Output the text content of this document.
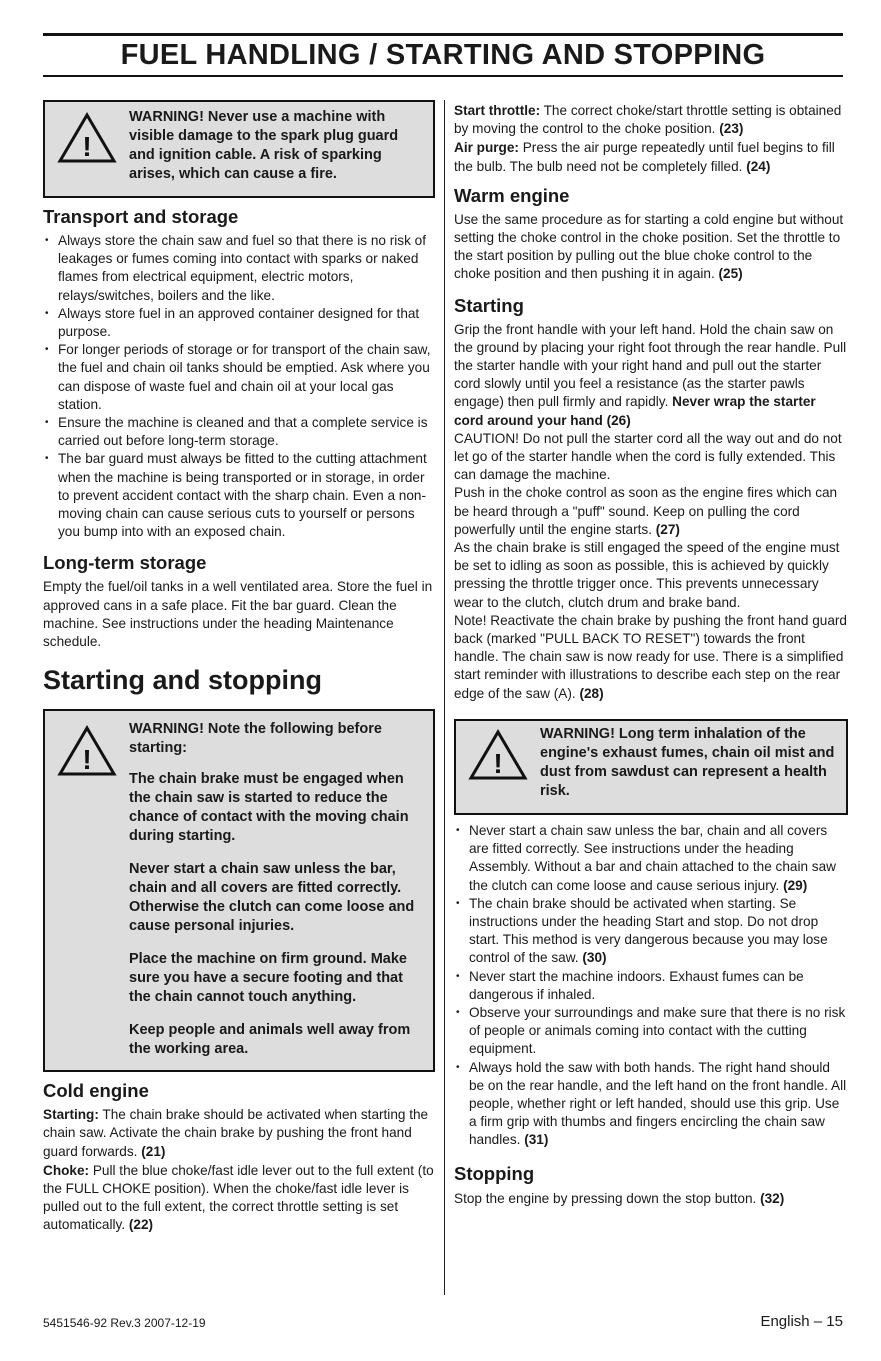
FUEL HANDLING / STARTING AND STOPPING
!
WARNING! Never use a machine with visible damage to the spark plug guard and ignition cable. A risk of sparking arises, which can cause a fire.
Transport and storage
• Always store the chain saw and fuel so that there is no risk of leakages or fumes coming into contact with sparks or naked flames from electrical equipment, electric motors, relays/switches, boilers and the like.
• Always store fuel in an approved container designed for that purpose.
• For longer periods of storage or for transport of the chain saw, the fuel and chain oil tanks should be emptied. Ask where you can dispose of waste fuel and chain oil at your local gas station.
• Ensure the machine is cleaned and that a complete service is carried out before long-term storage.
• The bar guard must always be fitted to the cutting attachment when the machine is being transported or in storage, in order to prevent accident contact with the sharp chain. Even a non-moving chain can cause serious cuts to yourself or persons you bump into with an exposed chain.
Long-term storage

Empty the fuel/oil tanks in a well ventilated area. Store the fuel in approved cans in a safe place. Fit the bar guard. Clean the machine. See instructions under the heading Maintenance schedule.

Starting and stopping
!

WARNING! Note the following before starting:

The chain brake must be engaged when the chain saw is started to reduce the chance of contact with the moving chain during starting.

Never start a chain saw unless the bar, chain and all covers are fitted correctly. Otherwise the clutch can come loose and cause personal injuries.

Place the machine on firm ground. Make sure you have a secure footing and that the chain cannot touch anything.

Keep people and animals well away from the working area.

Cold engine

Starting: The chain brake should be activated when starting the chain saw. Activate the chain brake by pushing the front hand guard forwards. (21)

Choke: Pull the blue choke/fast idle lever out to the full extent (to the FULL CHOKE position). When the choke/fast idle lever is pulled out to the full extent, the correct throttle setting is set automatically. (22)

Start throttle: The correct choke/start throttle setting is obtained by moving the control to the choke position. (23)

Air purge: Press the air purge repeatedly until fuel begins to fill the bulb. The bulb need not be completely filled. (24)

Warm engine

Use the same procedure as for starting a cold engine but without setting the choke control in the choke position. Set the throttle to the start position by pulling out the blue choke control to the choke position and then pushing it in again. (25)

Starting

Grip the front handle with your left hand. Hold the chain saw on the ground by placing your right foot through the rear handle. Pull the starter handle with your right hand and pull out the starter cord slowly until you feel a resistance (as the starter pawls engage) then pull firmly and rapidly. Never wrap the starter cord around your hand (26)

CAUTION! Do not pull the starter cord all the way out and do not let go of the starter handle when the cord is fully extended. This can damage the machine.

Push in the choke control as soon as the engine fires which can be heard through a "puff" sound. Keep on pulling the cord powerfully until the engine starts. (27)

As the chain brake is still engaged the speed of the engine must be set to idling as soon as possible, this is achieved by quickly pressing the throttle trigger once. This prevents unnecessary wear to the clutch, clutch drum and brake band.

Note! Reactivate the chain brake by pushing the front hand guard back (marked "PULL BACK TO RESET") towards the front handle. The chain saw is now ready for use. There is a simplified start reminder with illustrations to describe each step on the rear edge of the saw (A). (28)

!
WARNING! Long term inhalation of the engine's exhaust fumes, chain oil mist and dust from sawdust can represent a health risk.
• Never start a chain saw unless the bar, chain and all covers are fitted correctly. See instructions under the heading Assembly. Without a bar and chain attached to the chain saw the clutch can come loose and cause serious injury. (29)
• The chain brake should be activated when starting. Se instructions under the heading Start and stop. Do not drop start. This method is very dangerous because you may lose control of the saw. (30)
• Never start the machine indoors. Exhaust fumes can be dangerous if inhaled.
• Observe your surroundings and make sure that there is no risk of people or animals coming into contact with the cutting equipment.
• Always hold the saw with both hands. The right hand should be on the rear handle, and the left hand on the front handle. All people, whether right or left handed, should use this grip. Use a firm grip with thumbs and fingers encircling the chain saw handles. (31)
Stopping

Stop the engine by pressing down the stop button. (32)

5451546-92 Rev.3 2007-12-19	English – 15
